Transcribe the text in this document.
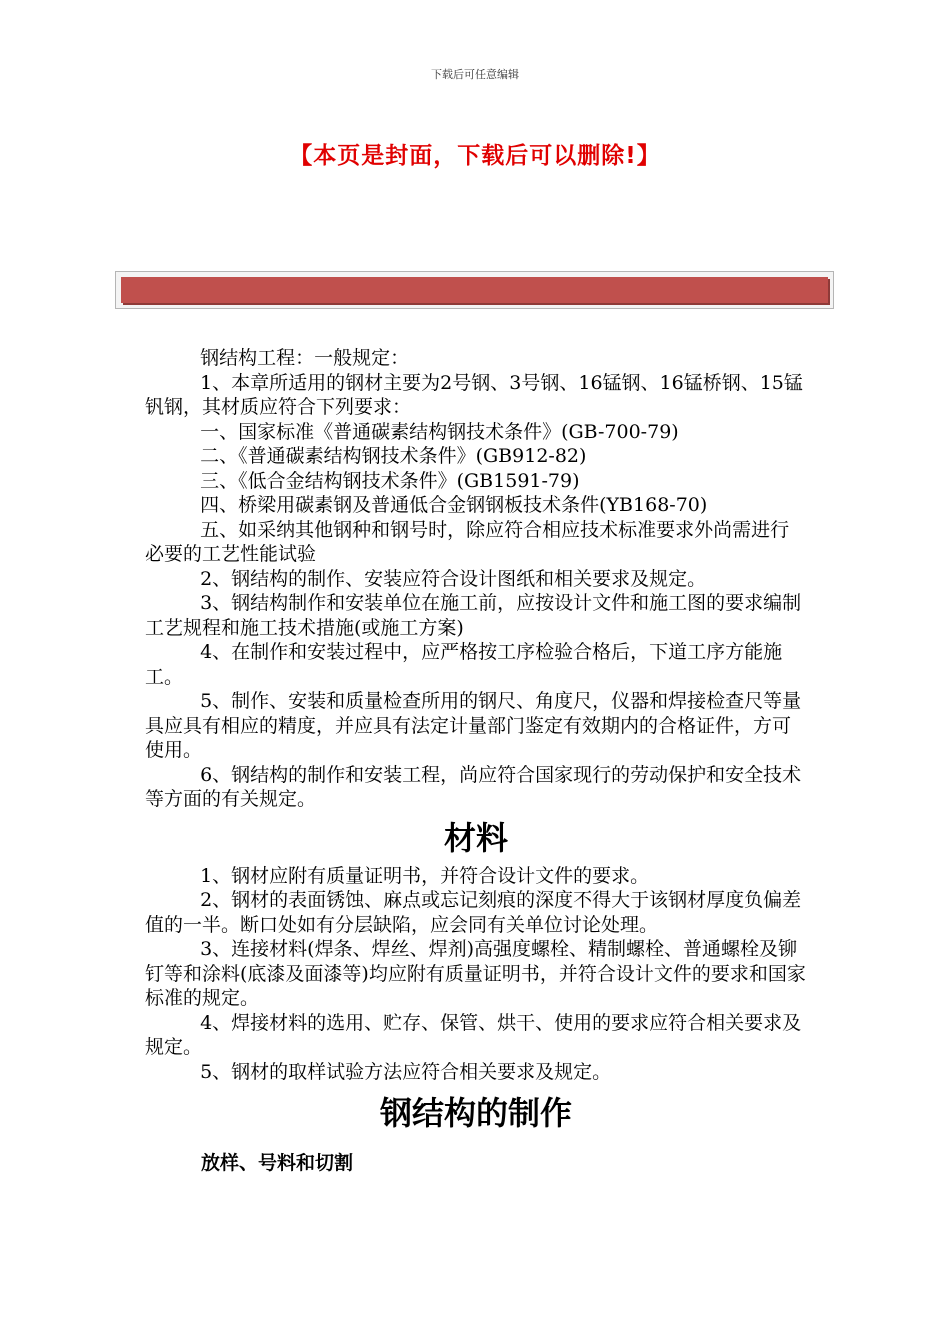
下载后可任意编辑
【本页是封面，下载后可以删除!】

钢结构工程：一般规定：

1、本章所适用的钢材主要为2号钢、3号钢、16锰钢、16锰桥钢、15锰钒钢，其材质应符合下列要求：

一、国家标准《普通碳素结构钢技术条件》(GB-700-79)

二、《普通碳素结构钢技术条件》(GB912-82)

三、《低合金结构钢技术条件》(GB1591-79)

四、桥梁用碳素钢及普通低合金钢钢板技术条件(YB168-70)

五、如采纳其他钢种和钢号时，除应符合相应技术标准要求外尚需进行必要的工艺性能试验

2、钢结构的制作、安装应符合设计图纸和相关要求及规定。

3、钢结构制作和安装单位在施工前，应按设计文件和施工图的要求编制工艺规程和施工技术措施(或施工方案)

4、在制作和安装过程中，应严格按工序检验合格后，下道工序方能施工。

5、制作、安装和质量检查所用的钢尺、角度尺，仪器和焊接检查尺等量具应具有相应的精度，并应具有法定计量部门鉴定有效期内的合格证件，方可使用。

6、钢结构的制作和安装工程，尚应符合国家现行的劳动保护和安全技术等方面的有关规定。

材料

1、钢材应附有质量证明书，并符合设计文件的要求。

2、钢材的表面锈蚀、麻点或忘记刻痕的深度不得大于该钢材厚度负偏差值的一半。断口处如有分层缺陷，应会同有关单位讨论处理。

3、连接材料(焊条、焊丝、焊剂)高强度螺栓、精制螺栓、普通螺栓及铆钉等和涂料(底漆及面漆等)均应附有质量证明书，并符合设计文件的要求和国家标准的规定。

4、焊接材料的选用、贮存、保管、烘干、使用的要求应符合相关要求及规定。

5、钢材的取样试验方法应符合相关要求及规定。

钢结构的制作
放样、号料和切割
